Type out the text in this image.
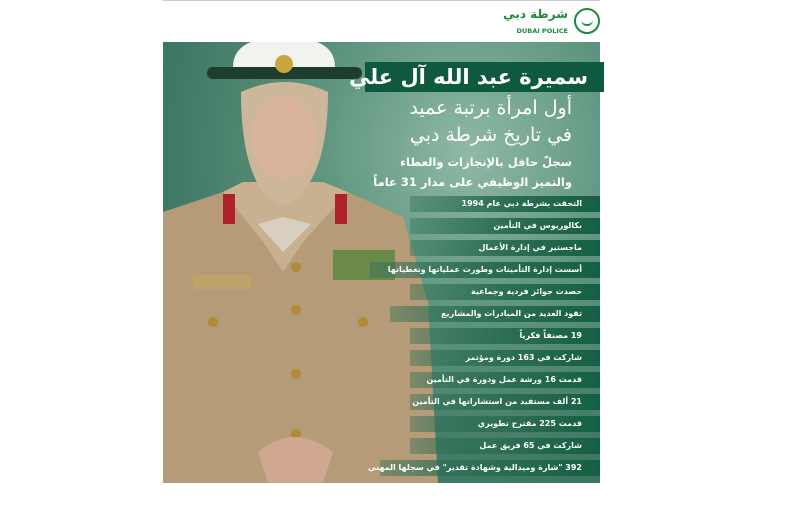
شرطة دبي
DUBAI POLICE
سميرة عبد الله آل علي
أول امرأة برتبة عميد
في تاريخ شرطة دبي
سجلّ حافل بالإنجازات والعطاء
والتميز الوظيفي على مدار 31 عاماً
التحقت بشرطة دبي عام 1994
بكالوريوس في التأمين
ماجستير في إدارة الأعمال
أسست إدارة التأمينات وطورت عملياتها وتغطياتها
حصدت جوائز فردية وجماعية
تقود العديد من المبادرات والمشاريع
19 مصنفاً فكرياً
شاركت في 163 دورة ومؤتمر
قدمت 16 ورشة عمل ودورة في التأمين
21 ألف مستفيد من استشاراتها في التأمين
قدمت 225 مقترح تطويري
شاركت في 65 فريق عمل
392 "شارة وميدالية وشهادة تقدير" في سجلها المهني
